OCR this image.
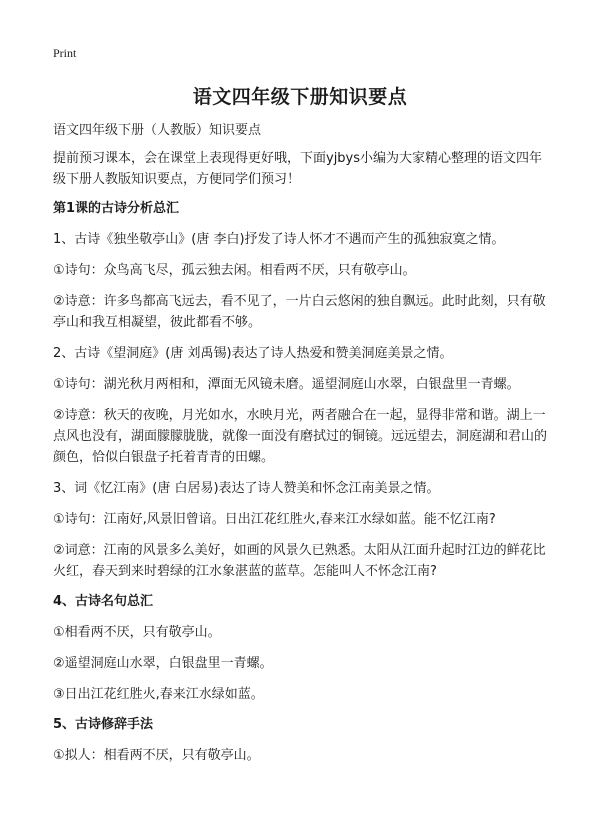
Print
语文四年级下册知识要点

语文四年级下册（人教版）知识要点

提前预习课本，会在课堂上表现得更好哦，下面yjbys小编为大家精心整理的语文四年级下册人教版知识要点，方便同学们预习！

第1课的古诗分析总汇

1、古诗《独坐敬亭山》(唐 李白)抒发了诗人怀才不遇而产生的孤独寂寞之情。

①诗句：众鸟高飞尽，孤云独去闲。相看两不厌，只有敬亭山。

②诗意：许多鸟都高飞远去，看不见了，一片白云悠闲的独自飘远。此时此刻，只有敬亭山和我互相凝望，彼此都看不够。

2、古诗《望洞庭》(唐 刘禹锡)表达了诗人热爱和赞美洞庭美景之情。

①诗句：湖光秋月两相和，潭面无风镜未磨。遥望洞庭山水翠，白银盘里一青螺。

②诗意：秋天的夜晚，月光如水，水映月光，两者融合在一起，显得非常和谐。湖上一点风也没有，湖面朦朦胧胧，就像一面没有磨拭过的铜镜。远远望去，洞庭湖和君山的颜色，恰似白银盘子托着青青的田螺。

3、词《忆江南》(唐 白居易)表达了诗人赞美和怀念江南美景之情。

①诗句：江南好,风景旧曾谙。日出江花红胜火,春来江水绿如蓝。能不忆江南?

②词意：江南的风景多么美好，如画的风景久已熟悉。太阳从江面升起时江边的鲜花比火红，春天到来时碧绿的江水象湛蓝的蓝草。怎能叫人不怀念江南?

4、古诗名句总汇

①相看两不厌，只有敬亭山。

②遥望洞庭山水翠，白银盘里一青螺。

③日出江花红胜火,春来江水绿如蓝。

5、古诗修辞手法

①拟人：相看两不厌，只有敬亭山。
